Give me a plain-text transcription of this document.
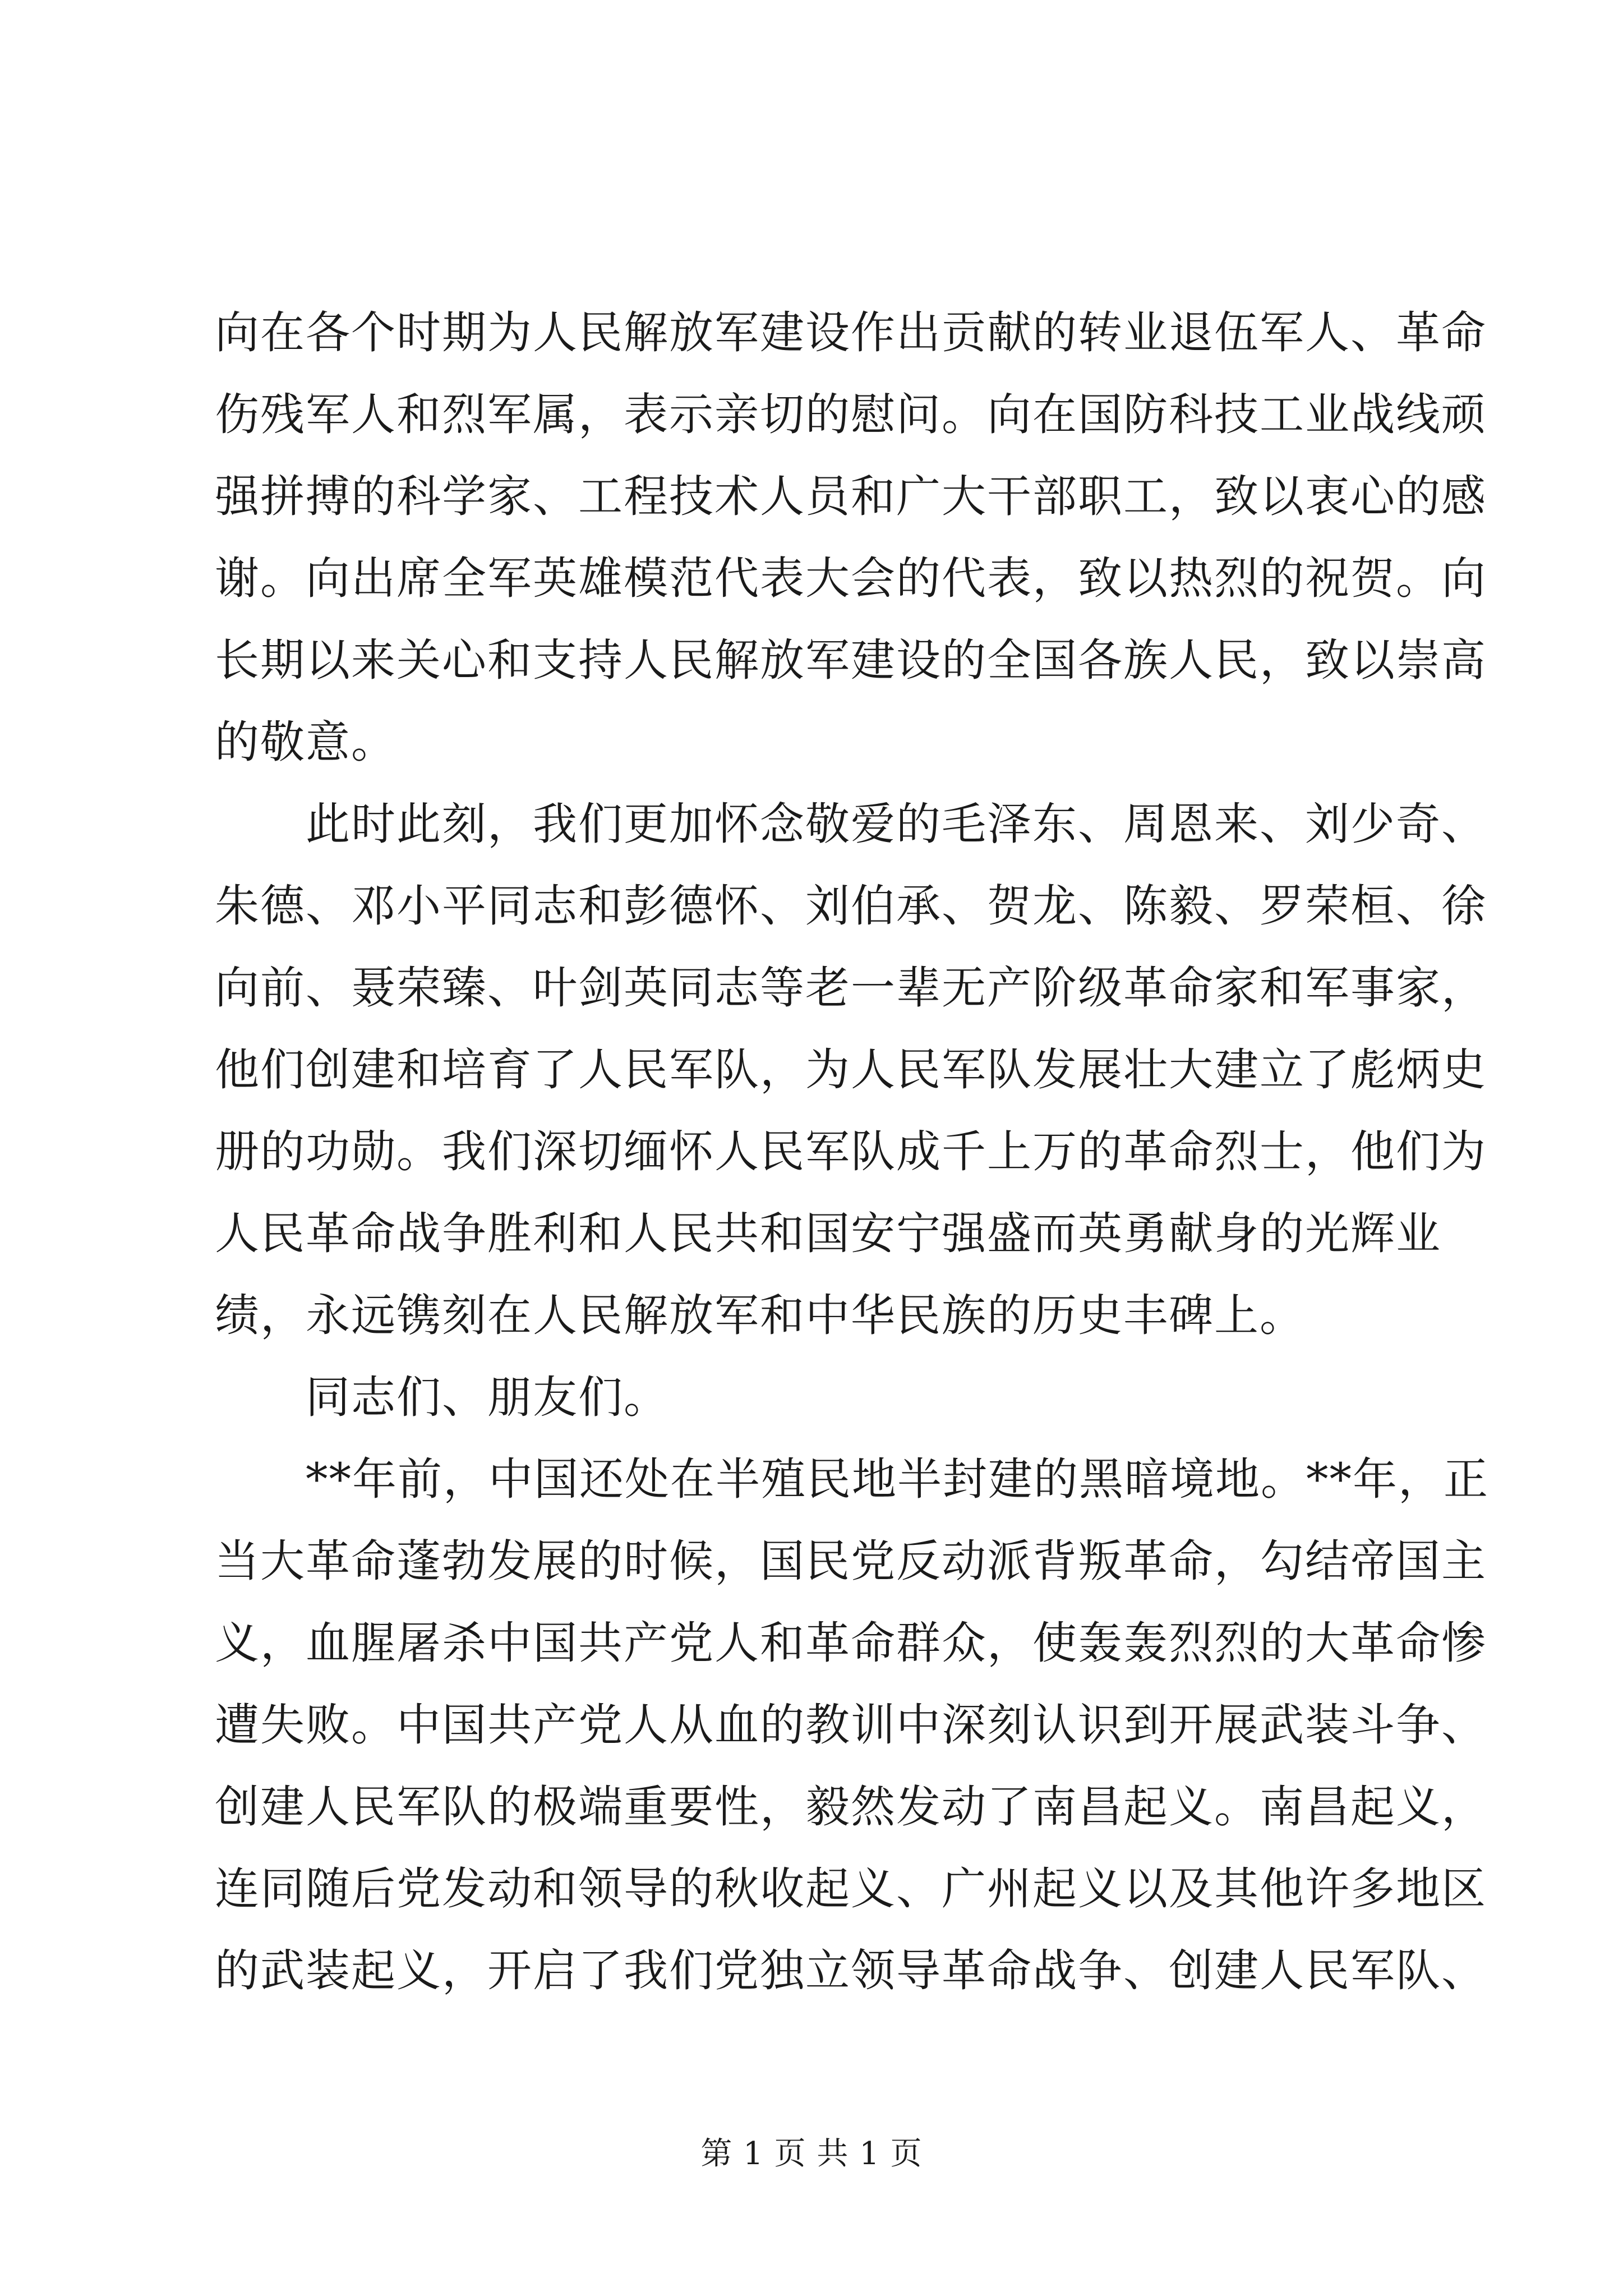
向在各个时期为人民解放军建设作出贡献的转业退伍军人、革命
伤残军人和烈军属，表示亲切的慰问。向在国防科技工业战线顽
强拼搏的科学家、工程技术人员和广大干部职工，致以衷心的感
谢。向出席全军英雄模范代表大会的代表，致以热烈的祝贺。向
长期以来关心和支持人民解放军建设的全国各族人民，致以崇高
的敬意。
　　此时此刻，我们更加怀念敬爱的毛泽东、周恩来、刘少奇、
朱德、邓小平同志和彭德怀、刘伯承、贺龙、陈毅、罗荣桓、徐
向前、聂荣臻、叶剑英同志等老一辈无产阶级革命家和军事家，
他们创建和培育了人民军队，为人民军队发展壮大建立了彪炳史
册的功勋。我们深切缅怀人民军队成千上万的革命烈士，他们为
人民革命战争胜利和人民共和国安宁强盛而英勇献身的光辉业
绩，永远镌刻在人民解放军和中华民族的历史丰碑上。
　　同志们、朋友们。
　　**年前，中国还处在半殖民地半封建的黑暗境地。**年，正
当大革命蓬勃发展的时候，国民党反动派背叛革命，勾结帝国主
义，血腥屠杀中国共产党人和革命群众，使轰轰烈烈的大革命惨
遭失败。中国共产党人从血的教训中深刻认识到开展武装斗争、
创建人民军队的极端重要性，毅然发动了南昌起义。南昌起义，
连同随后党发动和领导的秋收起义、广州起义以及其他许多地区
的武装起义，开启了我们党独立领导革命战争、创建人民军队、
第 1 页 共 1 页
